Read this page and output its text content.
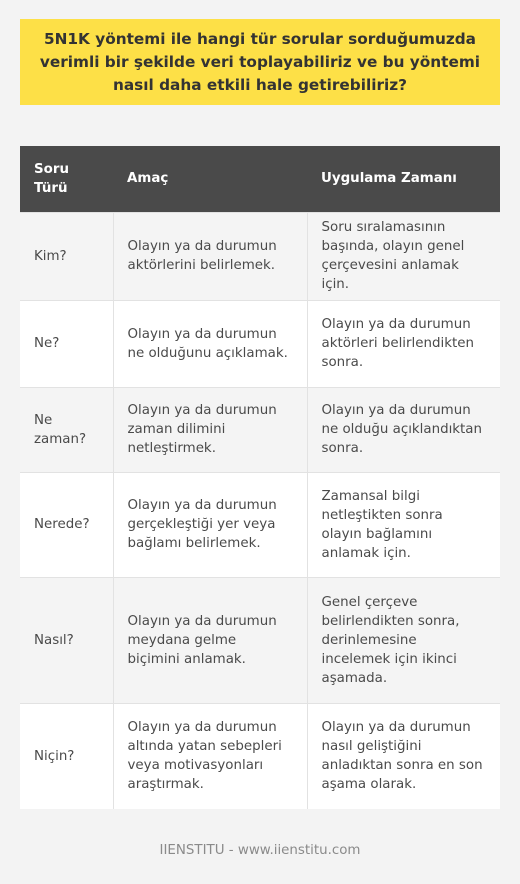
5N1K yöntemi ile hangi tür sorular sorduğumuzda verimli bir şekilde veri toplayabiliriz ve bu yöntemi nasıl daha etkili hale getirebiliriz?
Soru Türü	Amaç	Uygulama Zamanı
Kim?	Olayın ya da durumun aktörlerini belirlemek.	Soru sıralamasının başında, olayın genel çerçevesini anlamak için.
Ne?	Olayın ya da durumun ne olduğunu açıklamak.	Olayın ya da durumun aktörleri belirlendikten sonra.
Ne zaman?	Olayın ya da durumun zaman dilimini netleştirmek.	Olayın ya da durumun ne olduğu açıklandıktan sonra.
Nerede?	Olayın ya da durumun gerçekleştiği yer veya bağlamı belirlemek.	Zamansal bilgi netleştikten sonra olayın bağlamını anlamak için.
Nasıl?	Olayın ya da durumun meydana gelme biçimini anlamak.	Genel çerçeve belirlendikten sonra, derinlemesine incelemek için ikinci aşamada.
Niçin?	Olayın ya da durumun altında yatan sebepleri veya motivasyonları araştırmak.	Olayın ya da durumun nasıl geliştiğini anladıktan sonra en son aşama olarak.
IIENSTITU - www.iienstitu.com
